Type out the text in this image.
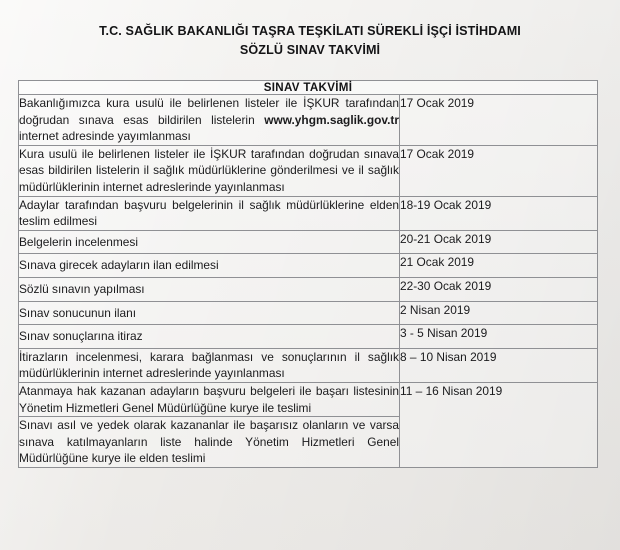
T.C. SAĞLIK BAKANLIĞI TAŞRA TEŞKİLATI SÜREKLİ İŞÇİ İSTİHDAMI
SÖZLÜ SINAV TAKVİMİ
SINAV TAKVİMİ	
Bakanlığımızca kura usulü ile belirlenen listeler ile İŞKUR tarafından doğrudan sınava esas bildirilen listelerin www.yhgm.saglik.gov.tr internet adresinde yayımlanması	17 Ocak 2019
Kura usulü ile belirlenen listeler ile İŞKUR tarafından doğrudan sınava esas bildirilen listelerin il sağlık müdürlüklerine gönderilmesi ve il sağlık müdürlüklerinin internet adreslerinde yayınlanması	17 Ocak 2019
Adaylar tarafından başvuru belgelerinin il sağlık müdürlüklerine elden teslim edilmesi	18-19 Ocak 2019
Belgelerin incelenmesi	20-21 Ocak 2019
Sınava girecek adayların ilan edilmesi	21 Ocak 2019
Sözlü sınavın yapılması	22-30 Ocak 2019
Sınav sonucunun ilanı	2 Nisan 2019
Sınav sonuçlarına itiraz	3 - 5 Nisan 2019
İtirazların incelenmesi, karara bağlanması ve sonuçlarının il sağlık müdürlüklerinin internet adreslerinde yayınlanması	8 – 10 Nisan 2019
Atanmaya hak kazanan adayların başvuru belgeleri ile başarı listesinin Yönetim Hizmetleri Genel Müdürlüğüne kurye ile teslimi	11 – 16 Nisan 2019
Sınavı asıl ve yedek olarak kazananlar ile başarısız olanların ve varsa sınava katılmayanların liste halinde Yönetim Hizmetleri Genel Müdürlüğüne kurye ile elden teslimi	
